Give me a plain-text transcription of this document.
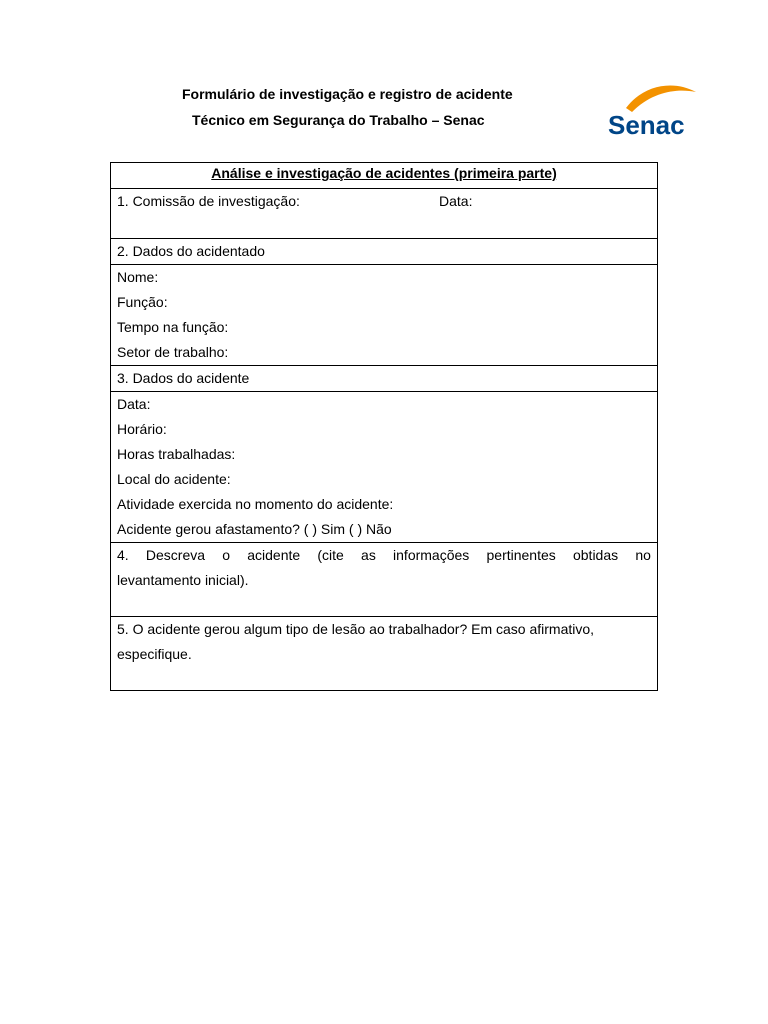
Formulário de investigação e registro de acidente
Técnico em Segurança do Trabalho – Senac	Senac
Análise e investigação de acidentes (primeira parte)

1. Comissão de investigação:	Data:

2. Dados do acidentado

Nome:
Função:
Tempo na função:
Setor de trabalho:

3. Dados do acidente

Data:
Horário:
Horas trabalhadas:
Local do acidente:
Atividade exercida no momento do acidente:
Acidente gerou afastamento? ( ) Sim ( ) Não

4. Descreva o acidente (cite as informações pertinentes obtidas no
levantamento inicial).

5. O acidente gerou algum tipo de lesão ao trabalhador? Em caso afirmativo,
especifique.
